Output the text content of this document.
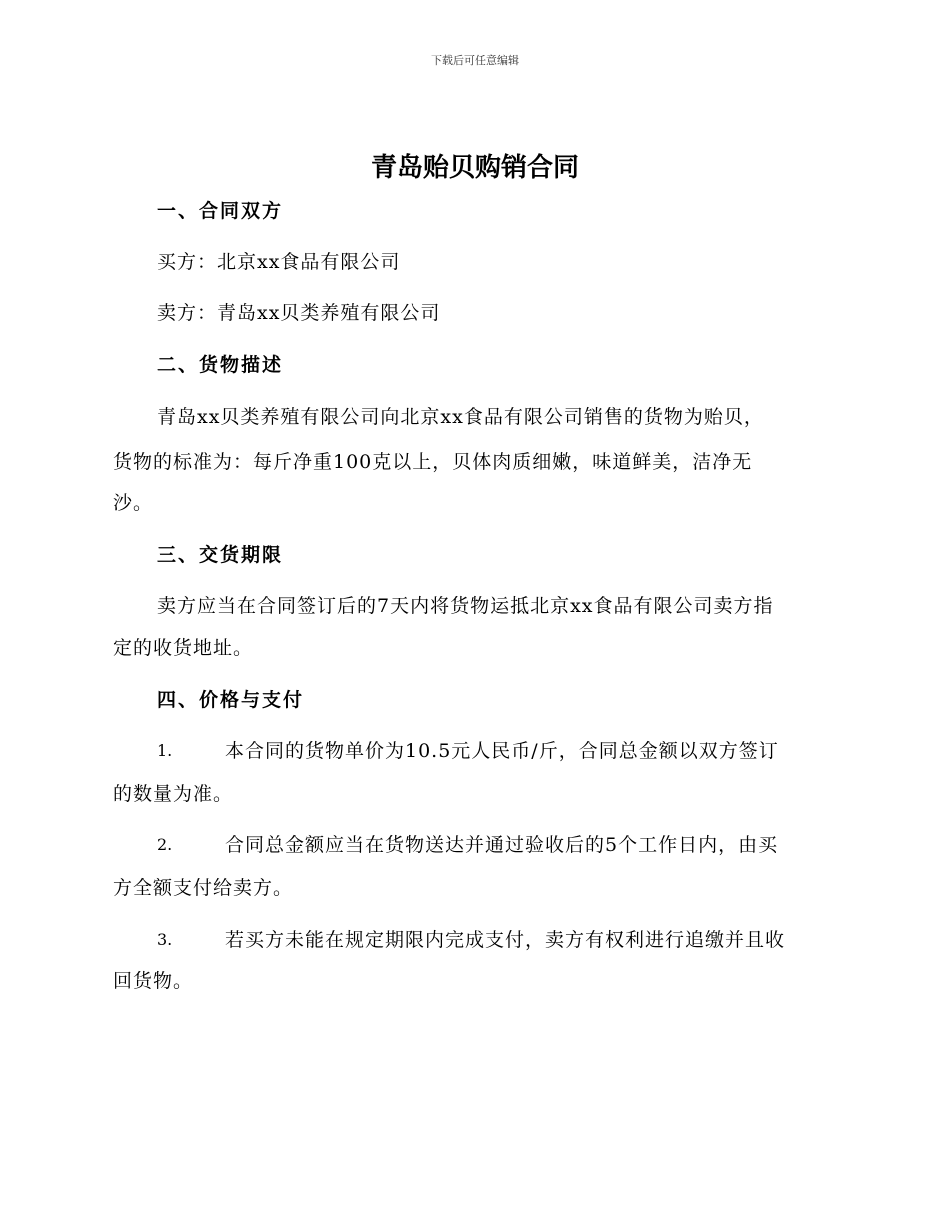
下载后可任意编辑
青岛贻贝购销合同
一、合同双方
买方：北京xx食品有限公司
卖方：青岛xx贝类养殖有限公司
二、货物描述
青岛xx贝类养殖有限公司向北京xx食品有限公司销售的货物为贻贝，
货物的标准为：每斤净重100克以上，贝体肉质细嫩，味道鲜美，洁净无
沙。
三、交货期限
卖方应当在合同签订后的7天内将货物运抵北京xx食品有限公司卖方指
定的收货地址。
四、价格与支付
1.	本合同的货物单价为10.5元人民币/斤，合同总金额以双方签订
的数量为准。
2.	合同总金额应当在货物送达并通过验收后的5个工作日内，由买
方全额支付给卖方。
3.	若买方未能在规定期限内完成支付，卖方有权利进行追缴并且收
回货物。
